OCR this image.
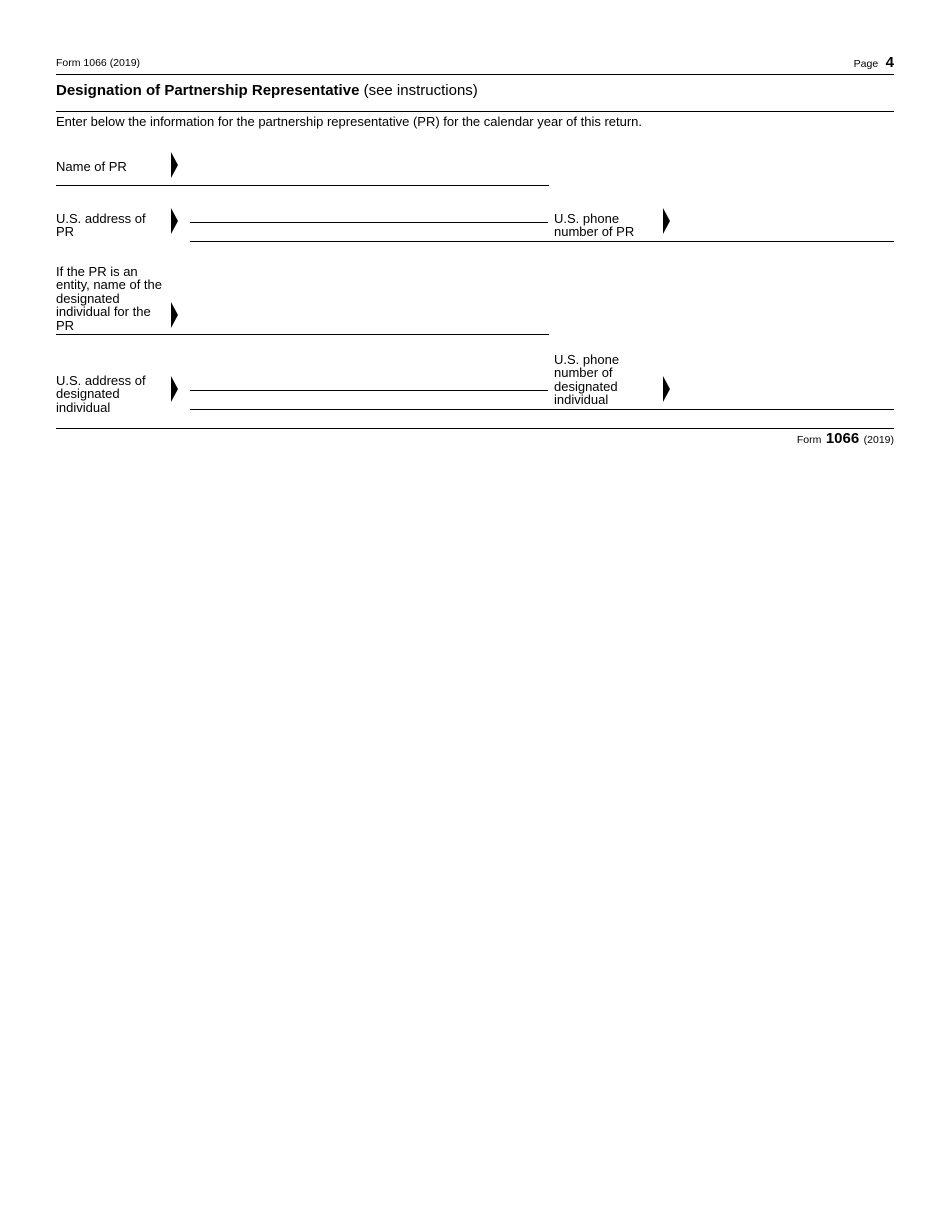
Form 1066 (2019)	Page 4
Designation of Partnership Representative (see instructions)
Enter below the information for the partnership representative (PR) for the calendar year of this return.
Name of PR
U.S. address of
PR
U.S. phone
number of PR
If the PR is an
entity, name of the
designated
individual for the
PR
U.S. address of
designated
individual
U.S. phone
number of
designated
individual
Form 1066 (2019)
